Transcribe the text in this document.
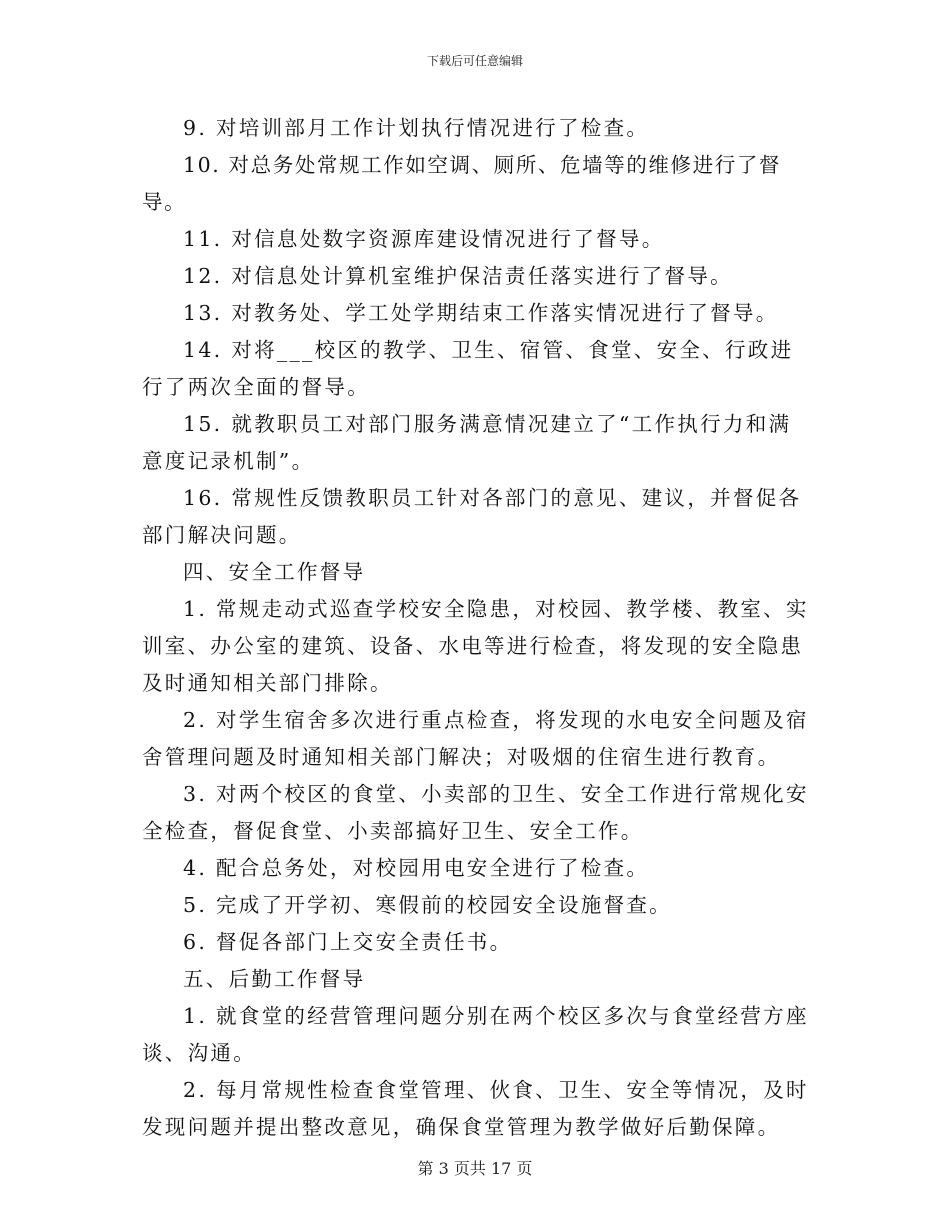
下载后可任意编辑

9. 对培训部月工作计划执行情况进行了检查。

10. 对总务处常规工作如空调、厕所、危墙等的维修进行了督导。

11. 对信息处数字资源库建设情况进行了督导。

12. 对信息处计算机室维护保洁责任落实进行了督导。

13. 对教务处、学工处学期结束工作落实情况进行了督导。

14. 对将___校区的教学、卫生、宿管、食堂、安全、行政进行了两次全面的督导。

15. 就教职员工对部门服务满意情况建立了“工作执行力和满意度记录机制”。

16. 常规性反馈教职员工针对各部门的意见、建议，并督促各部门解决问题。

四、安全工作督导

1. 常规走动式巡查学校安全隐患，对校园、教学楼、教室、实训室、办公室的建筑、设备、水电等进行检查，将发现的安全隐患及时通知相关部门排除。

2. 对学生宿舍多次进行重点检查，将发现的水电安全问题及宿舍管理问题及时通知相关部门解决；对吸烟的住宿生进行教育。

3. 对两个校区的食堂、小卖部的卫生、安全工作进行常规化安全检查，督促食堂、小卖部搞好卫生、安全工作。

4. 配合总务处，对校园用电安全进行了检查。

5. 完成了开学初、寒假前的校园安全设施督查。

6. 督促各部门上交安全责任书。

五、后勤工作督导

1. 就食堂的经营管理问题分别在两个校区多次与食堂经营方座谈、沟通。

2. 每月常规性检查食堂管理、伙食、卫生、安全等情况，及时发现问题并提出整改意见，确保食堂管理为教学做好后勤保障。

第 3 页共 17 页
